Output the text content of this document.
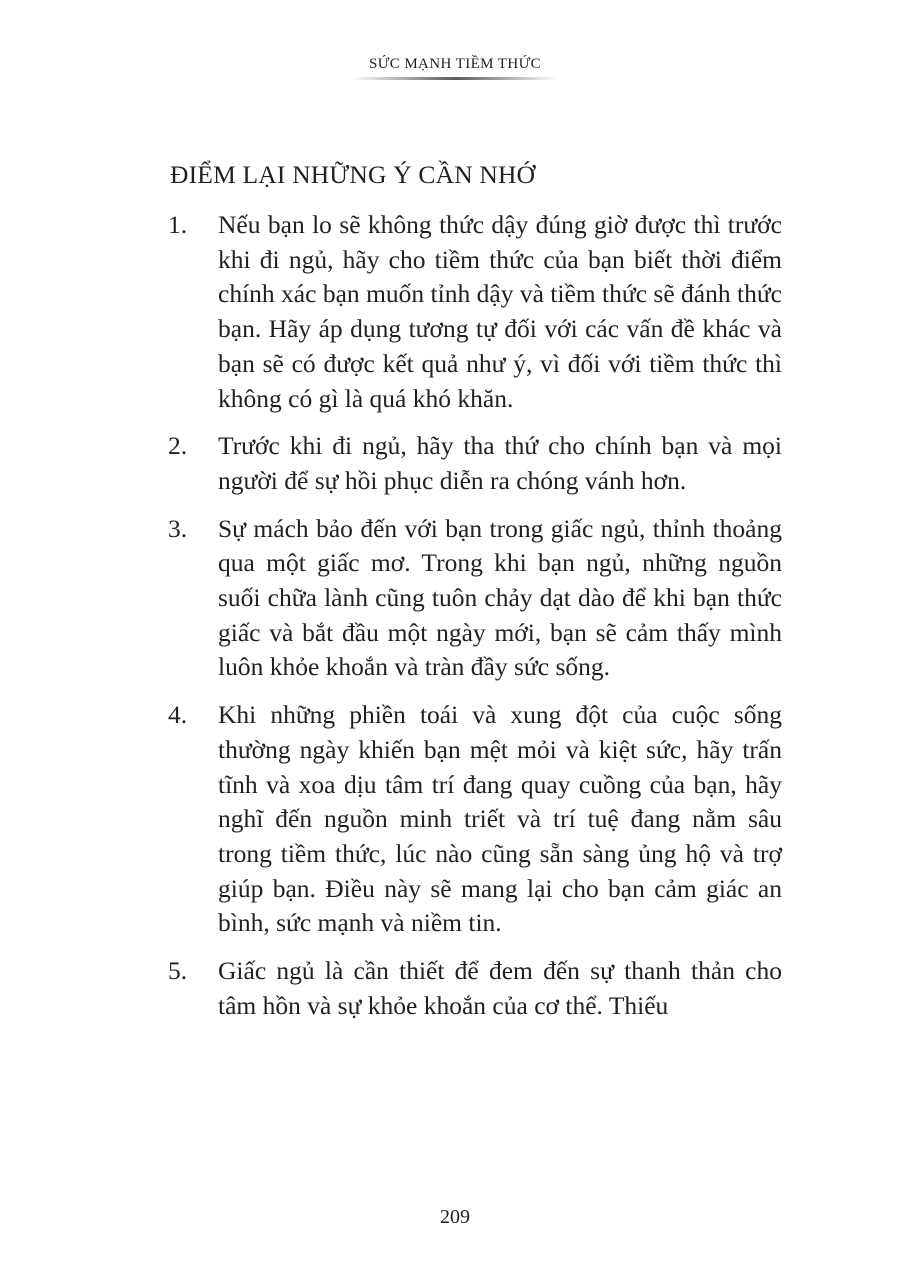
SỨC MẠNH TIỀM THỨC
ĐIỂM LẠI NHỮNG Ý CẦN NHỚ
1.	Nếu bạn lo sẽ không thức dậy đúng giờ được thì trước khi đi ngủ, hãy cho tiềm thức của bạn biết thời điểm chính xác bạn muốn tỉnh dậy và tiềm thức sẽ đánh thức bạn. Hãy áp dụng tương tự đối với các vấn đề khác và bạn sẽ có được kết quả như ý, vì đối với tiềm thức thì không có gì là quá khó khăn.
2.	Trước khi đi ngủ, hãy tha thứ cho chính bạn và mọi người để sự hồi phục diễn ra chóng vánh hơn.
3.	Sự mách bảo đến với bạn trong giấc ngủ, thỉnh thoảng qua một giấc mơ. Trong khi bạn ngủ, những nguồn suối chữa lành cũng tuôn chảy dạt dào để khi bạn thức giấc và bắt đầu một ngày mới, bạn sẽ cảm thấy mình luôn khỏe khoắn và tràn đầy sức sống.
4.	Khi những phiền toái và xung đột của cuộc sống thường ngày khiến bạn mệt mỏi và kiệt sức, hãy trấn tĩnh và xoa dịu tâm trí đang quay cuồng của bạn, hãy nghĩ đến nguồn minh triết và trí tuệ đang nằm sâu trong tiềm thức, lúc nào cũng sẵn sàng ủng hộ và trợ giúp bạn. Điều này sẽ mang lại cho bạn cảm giác an bình, sức mạnh và niềm tin.
5.	Giấc ngủ là cần thiết để đem đến sự thanh thản cho tâm hồn và sự khỏe khoắn của cơ thể. Thiếu
209
